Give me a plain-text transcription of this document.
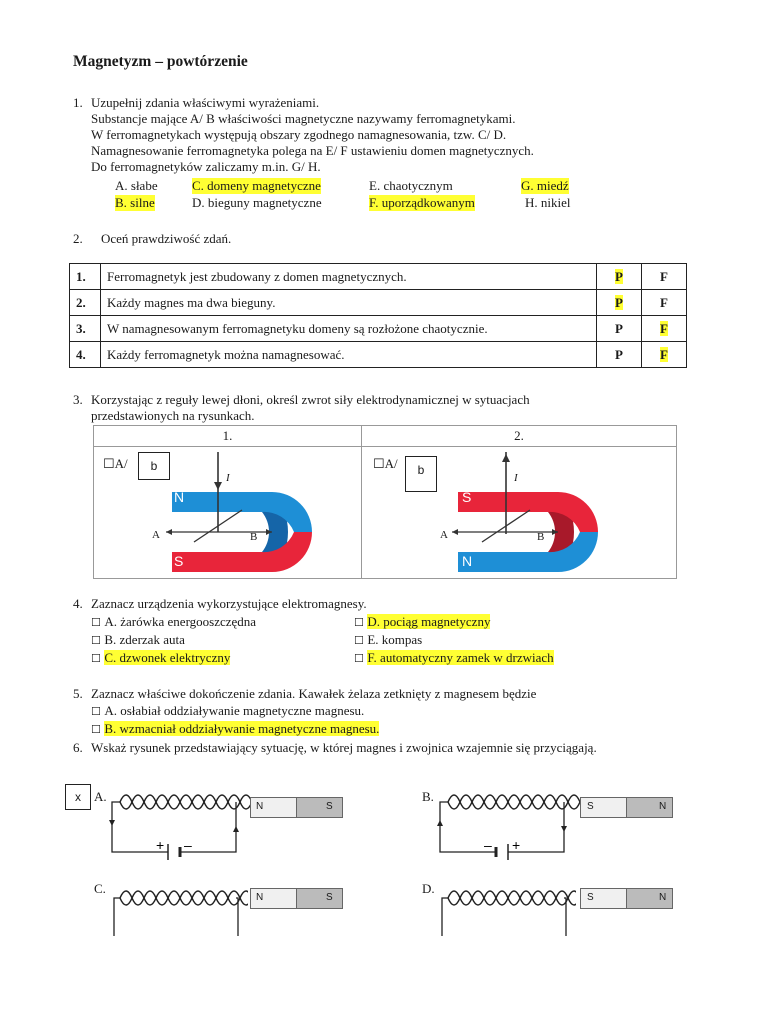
Magnetyzm – powtórzenie
1. Uzupełnij zdania właściwymi wyrażeniami.
Substancje mające A/ B właściwości magnetyczne nazywamy ferromagnetykami.
W ferromagnetykach występują obszary zgodnego namagnesowania, tzw. C/ D.
Namagnesowanie ferromagnetyka polega na E/ F ustawieniu domen magnetycznych.
Do ferromagnetyków zaliczamy m.in. G/ H.
A. słabe	C. domeny magnetyczne	E. chaotycznym	G. miedź
B. silne	D. bieguny magnetyczne	F. uporządkowanym	H. nikiel
2. Oceń prawdziwość zdań.
1.	Ferromagnetyk jest zbudowany z domen magnetycznych.	P	F
2.	Każdy magnes ma dwa bieguny.	P	F
3.	W namagnesowanym ferromagnetyku domeny są rozłożone chaotycznie.	P	F
4.	Każdy ferromagnetyk można namagnesować.	P	F
3. Korzystając z reguły lewej dłoni, określ zwrot siły elektrodynamicznej w sytuacjach
przedstawionych na rysunkach.
1.	2.
☐A/	b
N
S
I
A	B
☐A/	b
S
N
I
A	B
4. Zaznacz urządzenia wykorzystujące elektromagnesy.
☐ A. żarówka energooszczędna	☐ D. pociąg magnetyczny
☐ B. zderzak auta	☐ E. kompas
☐ C. dzwonek elektryczny	☐ F. automatyczny zamek w drzwiach
5. Zaznacz właściwe dokończenie zdania. Kawałek żelaza zetknięty z magnesem będzie
☐ A. osłabiał oddziaływanie magnetyczne magnesu.
☐ B. wzmacniał oddziaływanie magnetyczne magnesu.
6. Wskaż rysunek przedstawiający sytuację, w której magnes i zwojnica wzajemnie się przyciągają.
x	A.
+ –
N	S
B.
– +
S	N
C.
N	S
D.
S	N
